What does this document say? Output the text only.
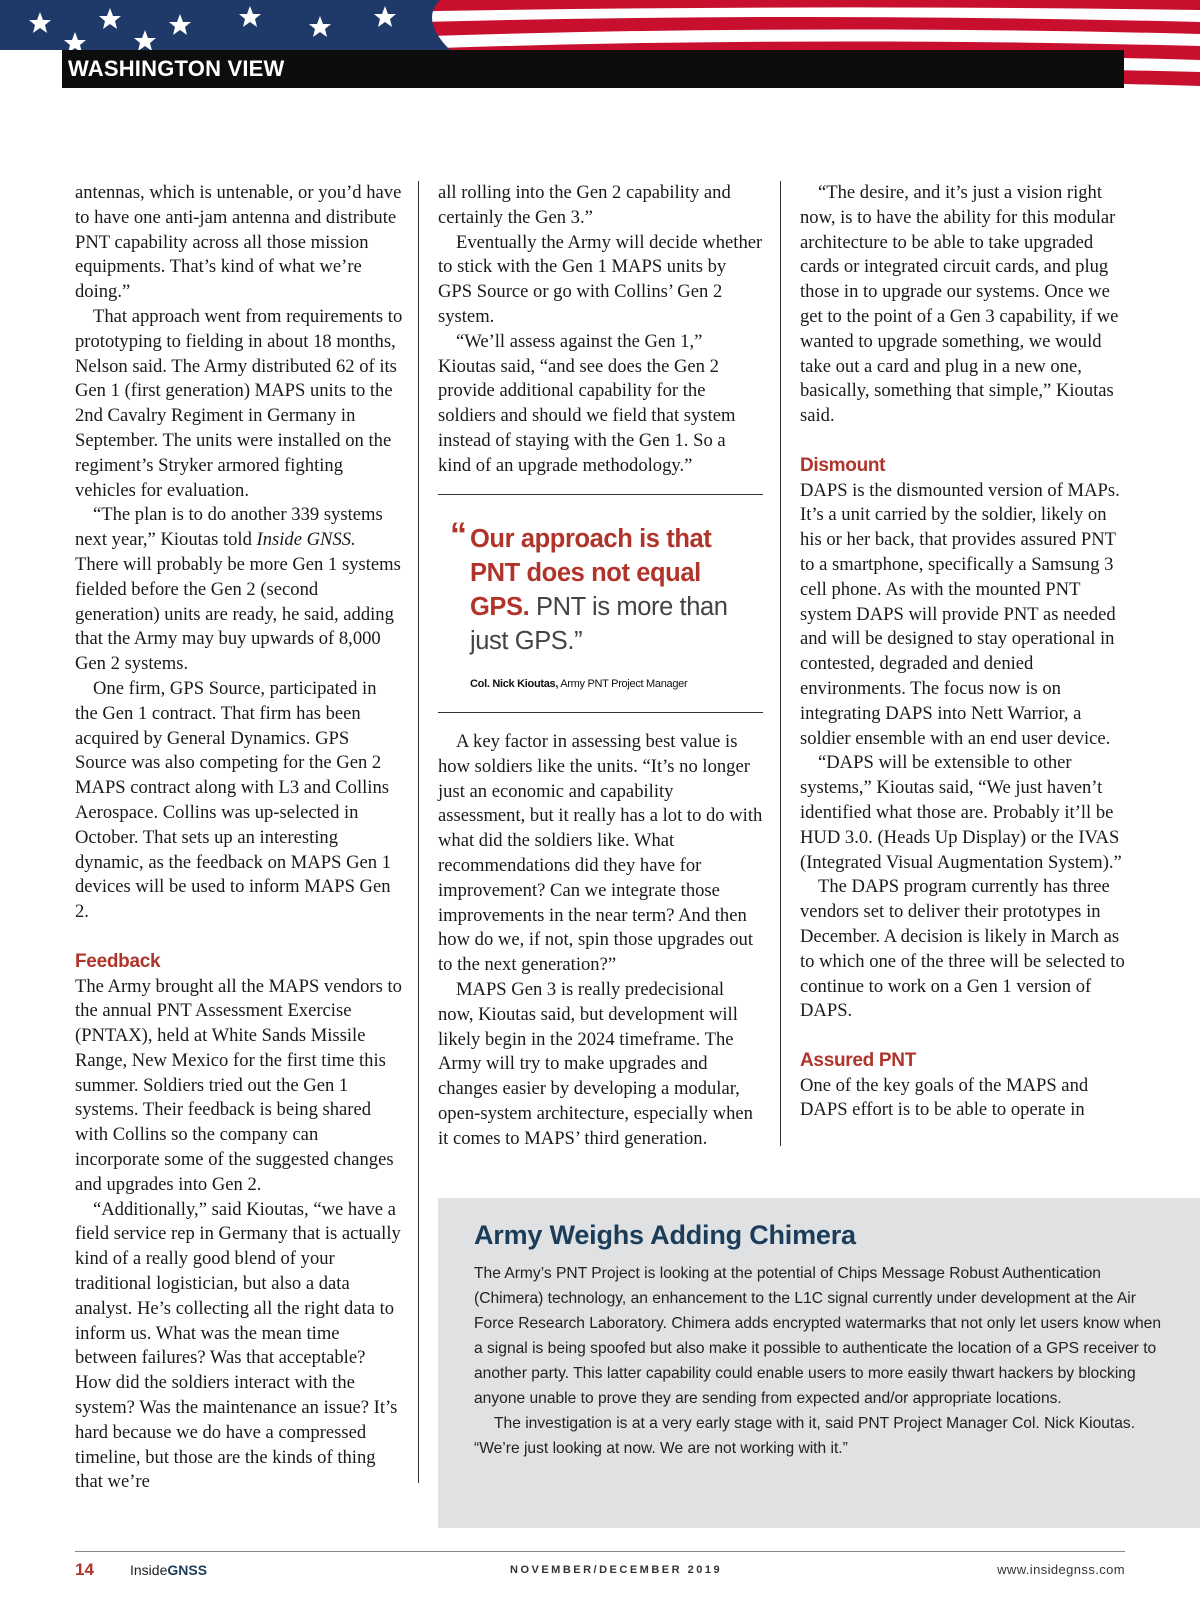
WASHINGTON VIEW

antennas, which is untenable, or you’d have to have one anti-jam antenna and distribute PNT capability across all those mission equipments. That’s kind of what we’re doing.”

That approach went from requirements to prototyping to fielding in about 18 months, Nelson said. The Army distributed 62 of its Gen 1 (first generation) MAPS units to the 2nd Cavalry Regiment in Germany in September. The units were installed on the regiment’s Stryker armored fighting vehicles for evaluation.

“The plan is to do another 339 systems next year,” Kioutas told Inside GNSS. There will probably be more Gen 1 systems fielded before the Gen 2 (second generation) units are ready, he said, adding that the Army may buy upwards of 8,000 Gen 2 systems.

One firm, GPS Source, participated in the Gen 1 contract. That firm has been acquired by General Dynamics. GPS Source was also competing for the Gen 2 MAPS contract along with L3 and Collins Aerospace. Collins was up-selected in October. That sets up an interesting dynamic, as the feedback on MAPS Gen 1 devices will be used to inform MAPS Gen 2.

Feedback

The Army brought all the MAPS vendors to the annual PNT Assessment Exercise (PNTAX), held at White Sands Missile Range, New Mexico for the first time this summer. Soldiers tried out the Gen 1 systems. Their feedback is being shared with Collins so the company can incorporate some of the suggested changes and upgrades into Gen 2.

“Additionally,” said Kioutas, “we have a field service rep in Germany that is actually kind of a really good blend of your traditional logistician, but also a data analyst. He’s collecting all the right data to inform us. What was the mean time between failures? Was that acceptable? How did the soldiers interact with the system? Was the maintenance an issue? It’s hard because we do have a compressed timeline, but those are the kinds of thing that we’re

all rolling into the Gen 2 capability and certainly the Gen 3.”

Eventually the Army will decide whether to stick with the Gen 1 MAPS units by GPS Source or go with Collins’ Gen 2 system.

“We’ll assess against the Gen 1,” Kioutas said, “and see does the Gen 2 provide additional capability for the soldiers and should we field that system instead of staying with the Gen 1. So a kind of an upgrade methodology.”

“ Our approach is that PNT does not equal GPS. PNT is more than just GPS.”
Col. Nick Kioutas, Army PNT Project Manager

A key factor in assessing best value is how soldiers like the units. “It’s no longer just an economic and capability assessment, but it really has a lot to do with what did the soldiers like. What recommendations did they have for improvement? Can we integrate those improvements in the near term? And then how do we, if not, spin those upgrades out to the next generation?”

MAPS Gen 3 is really predecisional now, Kioutas said, but development will likely begin in the 2024 timeframe. The Army will try to make upgrades and changes easier by developing a modular, open-system architecture, especially when it comes to MAPS’ third generation.

“The desire, and it’s just a vision right now, is to have the ability for this modular architecture to be able to take upgraded cards or integrated circuit cards, and plug those in to upgrade our systems. Once we get to the point of a Gen 3 capability, if we wanted to upgrade something, we would take out a card and plug in a new one, basically, something that simple,” Kioutas said.

Dismount

DAPS is the dismounted version of MAPs. It’s a unit carried by the soldier, likely on his or her back, that provides assured PNT to a smartphone, specifically a Samsung 3 cell phone. As with the mounted PNT system DAPS will provide PNT as needed and will be designed to stay operational in contested, degraded and denied environments. The focus now is on integrating DAPS into Nett Warrior, a soldier ensemble with an end user device.

“DAPS will be extensible to other systems,” Kioutas said, “We just haven’t identified what those are. Probably it’ll be HUD 3.0. (Heads Up Display) or the IVAS (Integrated Visual Augmentation System).”

The DAPS program currently has three vendors set to deliver their prototypes in December. A decision is likely in March as to which one of the three will be selected to continue to work on a Gen 1 version of DAPS.

Assured PNT

One of the key goals of the MAPS and DAPS effort is to be able to operate in

Army Weighs Adding Chimera

The Army’s PNT Project is looking at the potential of Chips Message Robust Authentication (Chimera) technology, an enhancement to the L1C signal currently under development at the Air Force Research Laboratory. Chimera adds encrypted watermarks that not only let users know when a signal is being spoofed but also make it possible to authenticate the location of a GPS receiver to another party. This latter capability could enable users to more easily thwart hackers by blocking anyone unable to prove they are sending from expected and/or appropriate locations.

The investigation is at a very early stage with it, said PNT Project Manager Col. Nick Kioutas. “We’re just looking at now. We are not working with it.”

14	InsideGNSS	NOVEMBER/DECEMBER 2019	www.insidegnss.com
